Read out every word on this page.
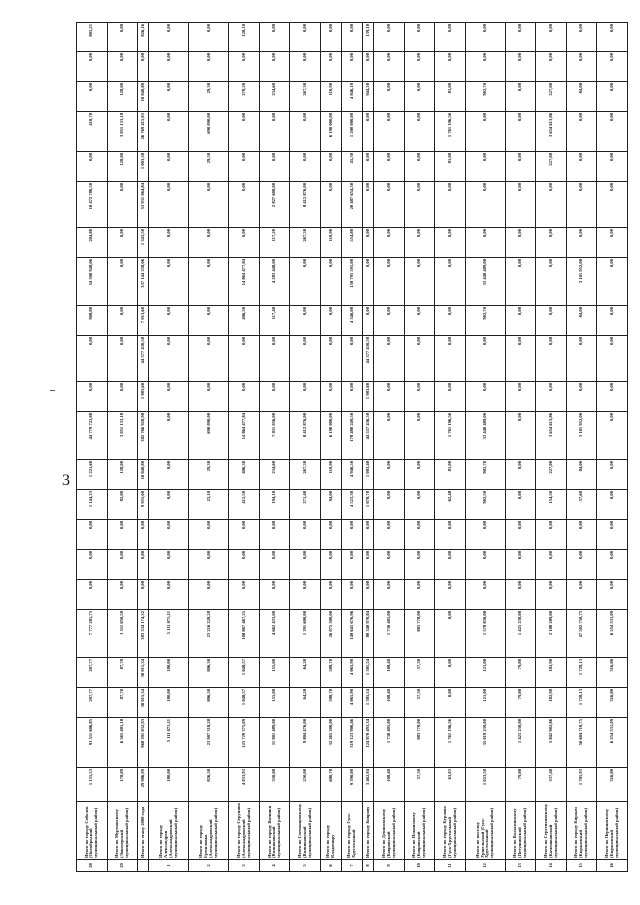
3
28	Итого по городу Соболев (Октябрьский муниципальный район)	1 155,53	91 511 606,85	207,77	207,77	7 777 281,75	0,00	0,00	0,00	1 144,33	1 221,60	44 779 722,88	0,00	0,00	908,80	54 300 948,06	204,80	10 472 780,50	0,00	418,70	0,00	0,00	805,21
29	Итого по Мурманскому (Ловозерский муниципальный район)	178,09	6 565 481,18	87,70	87,70	1 511 050,50	0,00	0,00	0,00	82,80	128,00	3 051 133,18	0,00	0,00	0,00	0,00	0,00	0,00	128,00	3 051 133,18	128,00	0,00	0,00
	Итого по этапу 2008 года	29 986,99	968 391 032,93	30 015,34	30 015,34	383 334 174,32	0,00	0,00	0,00	9 955,00	10 040,80	382 766 928,90	1 983,60	44 377 430,50	7 013,60	337 144 358,06	1 343,50	53 931 064,84	1 003,30	26 769 415,03	10 040,80	0,00	826,16
1	Итого по городу Александров (Александровский муниципальный район)	180,00	5 111 075,11	180,00	180,00	5 111 075,11	0,00	0,00	0,00	0,00	0,00	0,00	0,00	0,00	0,00	0,00	0,00	0,00	0,00	0,00	0,00	0,00	0,00
2	Итого по городу Ермиловка (Александровский муниципальный район)	826,30	23 907 318,28	806,30	806,30	23 216 228,28	0,00	0,00	0,00	23,10	29,30	690 090,00	0,00	0,00	0,00	0,00	0,00	0,00	29,30	690 090,00	29,30	0,00	0,00
3	Итого по городу Струнино (Александровский муниципальный район)	4 033,93	123 729 375,09	1 048,57	1 048,57	108 867 467,25	0,00	0,00	0,00	415,50	406,30	14 864 477,84	0,00	0,00	406,30	14 864 477,84	0,00	0,00	0,00	0,00	278,20	0,00	128,10
4	Итого по городу Вязники (Вязниковский муниципальный район)	350,00	11 901 489,00	155,00	155,00	4 662 433,00	0,00	0,00	0,00	194,10	234,60	7 011 056,00	0,00	0,00	117,40	4 283 448,00	117,20	2 827 608,00	0,00	0,00	234,60	0,00	0,00
5	Итого по Степанцевскому (Вязниковский муниципальный район)	250,00	9 804 476,00	64,20	64,20	1 391 600,00	0,00	0,00	0,00	271,40	267,30	8 412 876,00	0,00	0,00	0,00	0,00	267,30	8 412 876,00	0,00	0,00	267,30	0,00	0,00
6	Итого по городу Владимиру	680,70	32 265 300,00	588,70	588,70	26 075 300,00	0,00	0,00	0,00	94,00	110,90	6 190 000,00	0,00	0,00	0,00	0,00	110,90	0,00	0,00	6 190 000,00	110,90	0,00	0,00
7	Итого по городу Гусь-Хрустальный	9 390,00	319 123 906,46	4 065,90	4 065,90	140 645 676,96	0,00	0,00	0,00	4 523,30	4 946,50	178 480 249,50	0,00	0,00	4 346,00	158 795 595,00	554,80	20 487 654,50	45,30	1 200 000,00	4 846,10	0,00	0,00
8	Итого по городу Коврову	3 462,94	124 878 493,34	1 385,54	1 385,54	80 340 970,84	0,00	0,00	0,00	1 078,70	1 083,40	44 537 436,50	1 983,60	44 377 430,50	0,00	0,00	0,00	0,00	0,00	0,00	944,30	0,00	139,10
9	Итого по Денисовскому (Ковровский муниципальный район)	108,40	1 730 405,00	108,40	108,40	1 730 405,00	0,00	0,00	0,00	0,00	0,00	0,00	0,00	0,00	0,00	0,00	0,00	0,00	0,00	0,00	0,00	0,00	0,00
10	Итого по Ильинскому (Ковровский муниципальный район)	57,30	883 778,00	57,30	57,30	883 778,00	0,00	0,00	0,00	0,00	0,00	0,00	0,00	0,00	0,00	0,00	0,00	0,00	0,00	0,00	0,00	0,00	0,00
11	Итого по городу Курлово (Гусь-Хрустальный муниципальный район)	63,03	1 761 196,56	0,00	0,00	0,00	0,00	0,00	0,00	62,48	81,00	1 761 196,56	0,00	0,00	0,00	0,00	0,00	0,00	81,00	1 761 196,56	81,00	0,00	0,00
12	Итого по поселку Уршельский (Гусь-Хрустальный муниципальный район)	1 023,50	35 019 239,00	121,00	121,00	1 578 850,00	0,00	0,00	0,00	902,50	902,70	33 440 489,00	0,00	0,00	902,70	33 440 489,00	0,00	0,00	0,00	0,00	902,70	0,00	0,00
13	Итого по Вольгинскому (Петушинский муниципальный район)	79,80	1 425 230,00	79,80	79,80	1 425 230,00	0,00	0,00	0,00	0,00	0,00	0,00	0,00	0,00	0,00	0,00	0,00	0,00	0,00	0,00	0,00	0,00	0,00
14	Итого по Сергеихинскому (Камешковский муниципальный район)	337,40	5 842 902,86	182,90	182,90	2 188 289,00	0,00	0,00	0,00	154,50	227,00	3 654 613,86	0,00	0,00	0,00	0,00	0,00	0,00	227,00	3 654 613,86	227,00	0,00	0,00
15	Итого по городу Киржач (Киржачский муниципальный район)	1 705,93	50 604 710,75	1 728,13	1 728,13	47 502 758,75	0,00	0,00	0,00	57,60	84,00	3 101 952,00	0,00	0,00	84,00	3 101 952,00	0,00	0,00	0,00	0,00	84,00	0,00	0,00
16	Итого по Першинскому (Киржачский муниципальный район)	316,80	6 254 531,09	316,80	316,80	6 254 531,09	0,00	0,00	0,00	0,00	0,00	0,00	0,00	0,00	0,00	0,00	0,00	0,00	0,00	0,00	0,00	0,00	0,00
